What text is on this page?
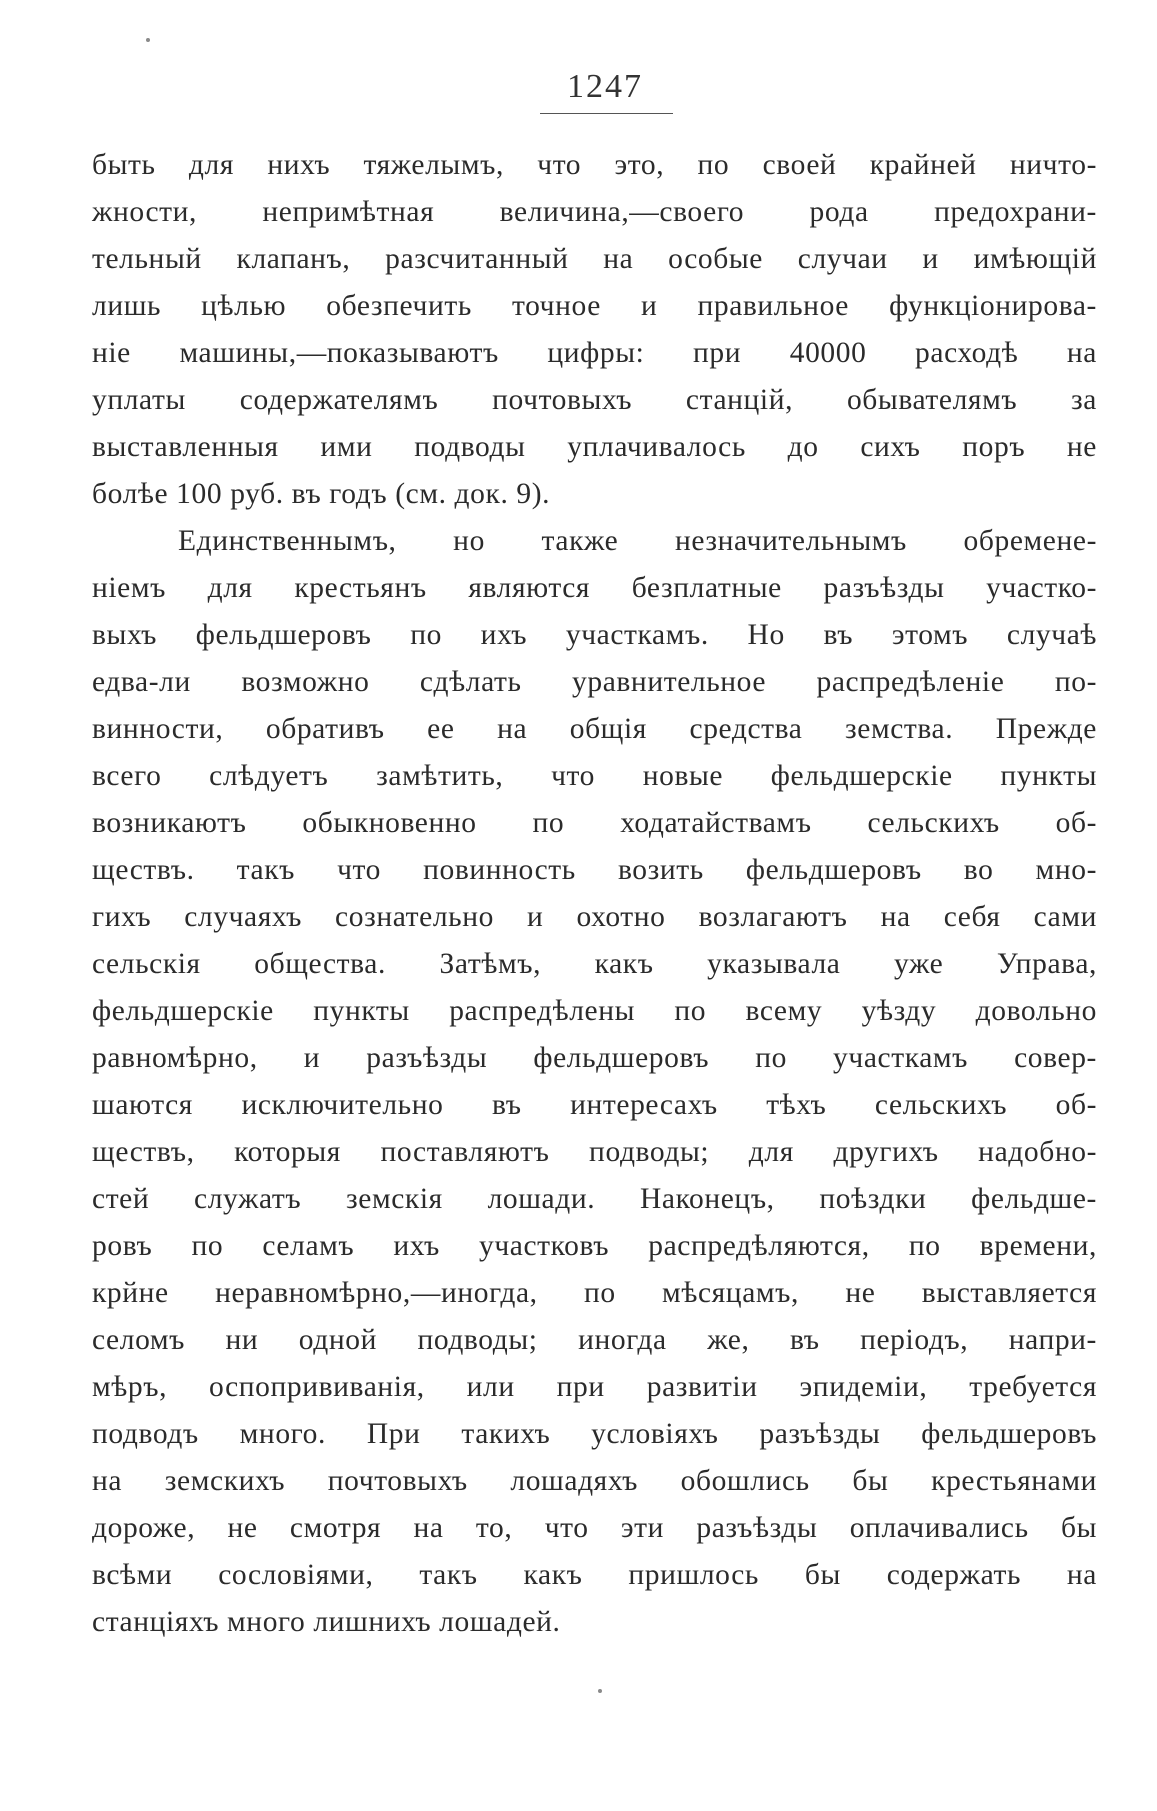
1247
быть для нихъ тяжелымъ, что это, по своей крайней ничто-
жности, непримѣтная величина,—своего рода предохрани-
тельный клапанъ, разсчитанный на особые случаи и имѣющій
лишь цѣлью обезпечить точное и правильное функціонирова-
ніе машины,—показываютъ цифры: при 40000 расходѣ на
уплаты содержателямъ почтовыхъ станцій, обывателямъ за
выставленныя ими подводы уплачивалось до сихъ поръ не
болѣе 100 руб. въ годъ (см. док. 9).
Единственнымъ, но также незначительнымъ обремене-
ніемъ для крестьянъ являются безплатные разъѣзды участко-
выхъ фельдшеровъ по ихъ участкамъ. Но въ этомъ случаѣ
едва-ли возможно сдѣлать уравнительное распредѣленіе по-
винности, обративъ ее на общія средства земства. Прежде
всего слѣдуетъ замѣтить, что новые фельдшерскіе пункты
возникаютъ обыкновенно по ходатайствамъ сельскихъ об-
ществъ. такъ что повинность возить фельдшеровъ во мно-
гихъ случаяхъ сознательно и охотно возлагаютъ на себя сами
сельскія общества. Затѣмъ, какъ указывала уже Управа,
фельдшерскіе пункты распредѣлены по всему уѣзду довольно
равномѣрно, и разъѣзды фельдшеровъ по участкамъ совер-
шаются исключительно въ интересахъ тѣхъ сельскихъ об-
ществъ, которыя поставляютъ подводы; для другихъ надобно-
стей служатъ земскія лошади. Наконецъ, поѣздки фельдше-
ровъ по селамъ ихъ участковъ распредѣляются, по времени,
крйне неравномѣрно,—иногда, по мѣсяцамъ, не выставляется
селомъ ни одной подводы; иногда же, въ періодъ, напри-
мѣръ, оспопрививанія, или при развитіи эпидеміи, требуется
подводъ много. При такихъ условіяхъ разъѣзды фельдшеровъ
на земскихъ почтовыхъ лошадяхъ обошлись бы крестьянами
дороже, не смотря на то, что эти разъѣзды оплачивались бы
всѣми сословіями, такъ какъ пришлось бы содержать на
станціяхъ много лишнихъ лошадей.
